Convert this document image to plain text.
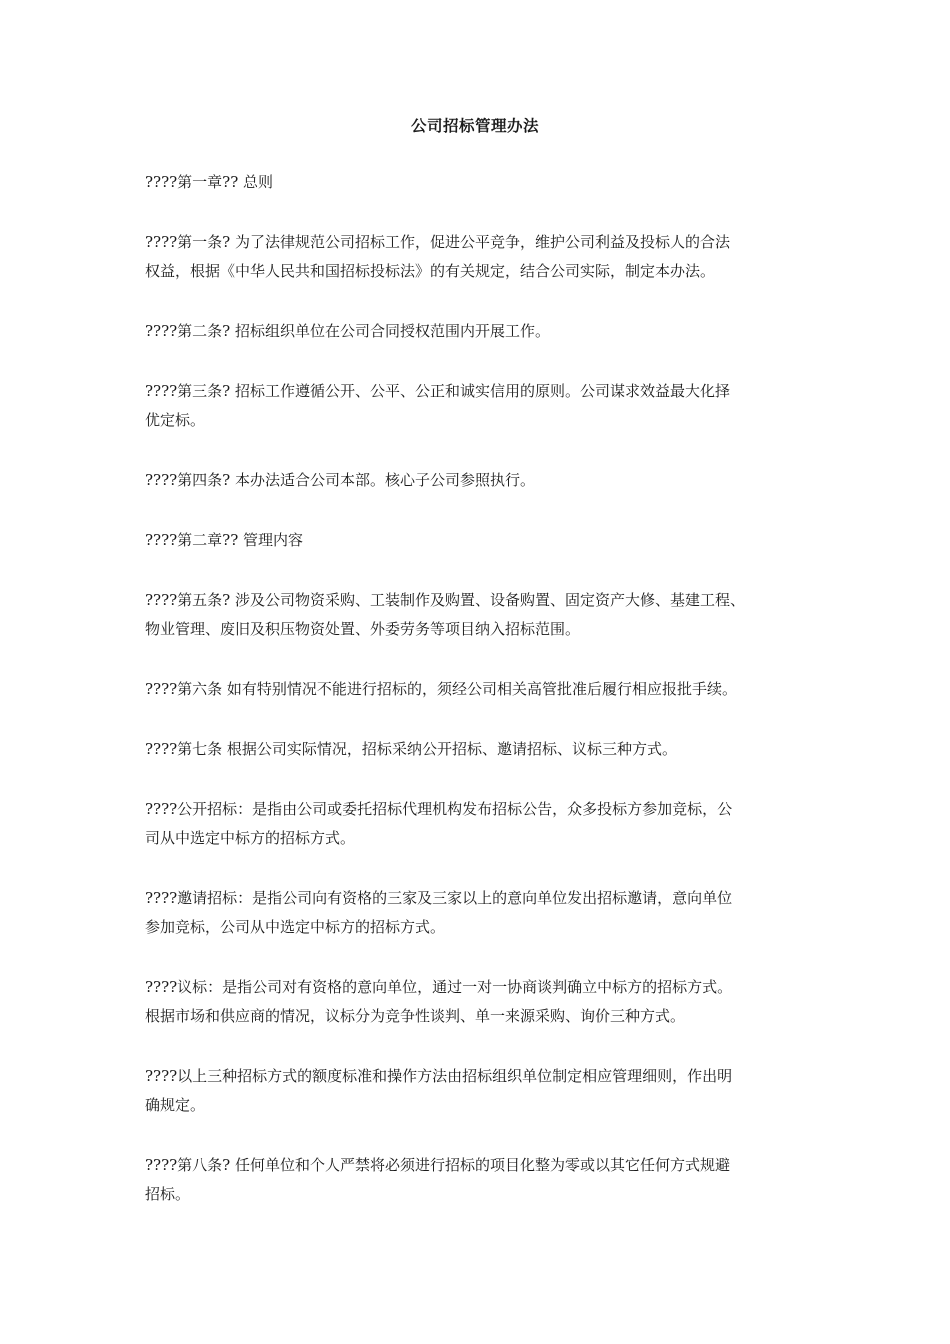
公司招标管理办法

????第一章?? 总则

????第一条? 为了法律规范公司招标工作，促进公平竞争，维护公司利益及投标人的合法
权益，根据《中华人民共和国招标投标法》的有关规定，结合公司实际，制定本办法。

????第二条? 招标组织单位在公司合同授权范围内开展工作。

????第三条? 招标工作遵循公开、公平、公正和诚实信用的原则。公司谋求效益最大化择
优定标。

????第四条? 本办法适合公司本部。核心子公司参照执行。

????第二章?? 管理内容

????第五条? 涉及公司物资采购、工装制作及购置、设备购置、固定资产大修、基建工程、
物业管理、废旧及积压物资处置、外委劳务等项目纳入招标范围。

????第六条 如有特别情况不能进行招标的，须经公司相关高管批准后履行相应报批手续。

????第七条 根据公司实际情况，招标采纳公开招标、邀请招标、议标三种方式。

????公开招标：是指由公司或委托招标代理机构发布招标公告，众多投标方参加竞标，公
司从中选定中标方的招标方式。

????邀请招标：是指公司向有资格的三家及三家以上的意向单位发出招标邀请，意向单位
参加竞标，公司从中选定中标方的招标方式。

????议标：是指公司对有资格的意向单位，通过一对一协商谈判确立中标方的招标方式。
根据市场和供应商的情况，议标分为竞争性谈判、单一来源采购、询价三种方式。

????以上三种招标方式的额度标准和操作方法由招标组织单位制定相应管理细则，作出明
确规定。

????第八条? 任何单位和个人严禁将必须进行招标的项目化整为零或以其它任何方式规避
招标。
